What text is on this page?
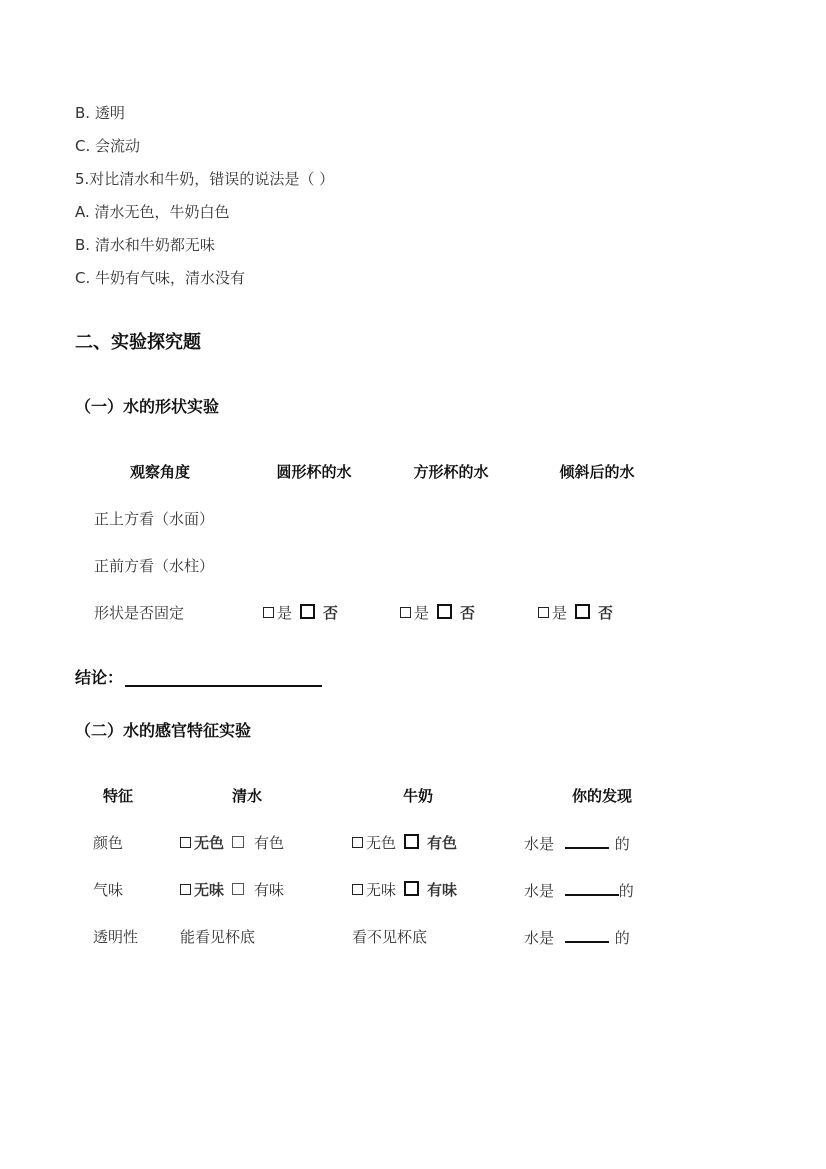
B. 透明
C. 会流动
5.对比清水和牛奶，错误的说法是（ ）
A. 清水无色，牛奶白色
B. 清水和牛奶都无味
C. 牛奶有气味，清水没有
二、实验探究题
（一）水的形状实验
观察角度	圆形杯的水	方形杯的水	倾斜后的水
正上方看（水面）
正前方看（水柱）
形状是否固定	是 否	是 否	是 否
结论：
（二）水的感官特征实验
特征	清水	牛奶	你的发现
颜色	无色 有色	无色 有色	水是	的
气味	无味 有味	无味 有味	水是	的
透明性	能看见杯底	看不见杯底	水是	的
